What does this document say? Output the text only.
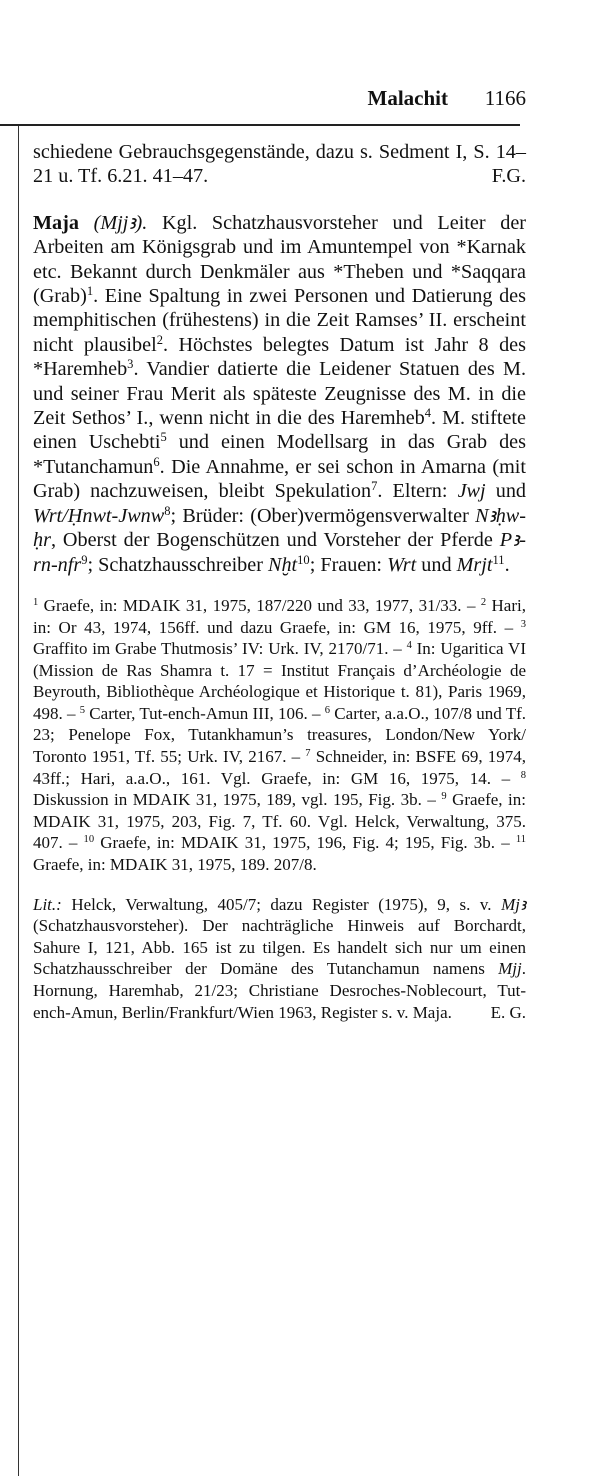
Malachit 1166

schiedene Gebrauchsgegenstände, dazu s. Sedment I, S. 14–21 u. Tf. 6.21. 41–47.	F.G.

Maja (Mjjꜣ). Kgl. Schatzhausvorsteher und Leiter der Arbeiten am Königsgrab und im Amuntempel von *Karnak etc. Bekannt durch Denkmäler aus *Theben und *Saqqara (Grab)$^1$. Eine Spaltung in zwei Personen und Datierung des memphitischen (frühestens) in die Zeit Ramses’ II. erscheint nicht plausibel$^2$. Höchstes belegtes Datum ist Jahr 8 des *Haremheb$^3$. Vandier datierte die Leidener Statuen des M. und seiner Frau Merit als späteste Zeugnisse des M. in die Zeit Sethos’ I., wenn nicht in die des Haremheb$^4$. M. stiftete einen Uschebti$^5$ und einen Modellsarg in das Grab des *Tutanchamun$^6$. Die Annahme, er sei schon in Amarna (mit Grab) nachzuweisen, bleibt Spekulation$^7$. Eltern: Jwj und Wrt/Ḥnwt-Jwnw$^8$; Brüder: (Ober)vermögensverwalter Nꜣḥw-ḥr, Oberst der Bogenschützen und Vorsteher der Pferde Pꜣ-rn-nfr$^9$; Schatzhausschreiber Nḫt$^{10}$; Frauen: Wrt und Mrjt$^{11}$.

$^1$ Graefe, in: MDAIK 31, 1975, 187/220 und 33, 1977, 31/33. – $^2$ Hari, in: Or 43, 1974, 156ff. und dazu Graefe, in: GM 16, 1975, 9ff. – $^3$ Graffito im Grabe Thutmosis’ IV: Urk. IV, 2170/71. – $^4$ In: Ugaritica VI (Mission de Ras Shamra t. 17 = Institut Français d’Archéologie de Beyrouth, Bibliothèque Archéologique et Historique t. 81), Paris 1969, 498. – $^5$ Carter, Tut-ench-Amun III, 106. – $^6$ Carter, a.a.O., 107/8 und Tf. 23; Penelope Fox, Tutankhamun’s treasures, London/New York/ Toronto 1951, Tf. 55; Urk. IV, 2167. – $^7$ Schneider, in: BSFE 69, 1974, 43ff.; Hari, a.a.O., 161. Vgl. Graefe, in: GM 16, 1975, 14. – $^8$ Diskussion in MDAIK 31, 1975, 189, vgl. 195, Fig. 3b. – $^9$ Graefe, in: MDAIK 31, 1975, 203, Fig. 7, Tf. 60. Vgl. Helck, Verwaltung, 375. 407. – $^{10}$ Graefe, in: MDAIK 31, 1975, 196, Fig. 4; 195, Fig. 3b. – $^{11}$ Graefe, in: MDAIK 31, 1975, 189. 207/8.

Lit.: Helck, Verwaltung, 405/7; dazu Register (1975), 9, s. v. Mjꜣ (Schatzhausvorsteher). Der nachträgliche Hinweis auf Borchardt, Sahure I, 121, Abb. 165 ist zu tilgen. Es handelt sich nur um einen Schatzhausschreiber der Domäne des Tutanchamun namens Mjj. Hornung, Haremhab, 21/23; Christiane Desroches-Noblecourt, Tut-ench-Amun, Berlin/Frankfurt/Wien 1963, Register s. v. Maja. E. G.
